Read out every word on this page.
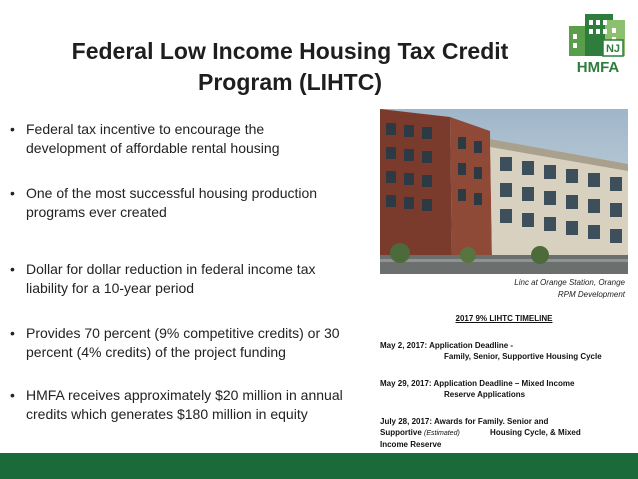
Federal Low Income Housing Tax Credit
Program (LIHTC)
NJ
HMFA
• Federal tax incentive to encourage the
development of affordable rental housing
• One of the most successful housing production
programs ever created
• Dollar for dollar reduction in federal income tax
liability for a 10-year period
• Provides 70 percent (9% competitive credits) or 30
percent (4% credits) of the project funding
• HMFA receives approximately $20 million in annual
credits which generates $180 million in equity
Linc at Orange Station, Orange
RPM Development
2017 9% LIHTC TIMELINE
May 2, 2017: Application Deadline -
Family, Senior, Supportive Housing Cycle
May 29, 2017: Application Deadline – Mixed Income
Reserve Applications
July 28, 2017: Awards for Family. Senior and
Supportive (Estimated)	Housing Cycle, & Mixed
Income Reserve
